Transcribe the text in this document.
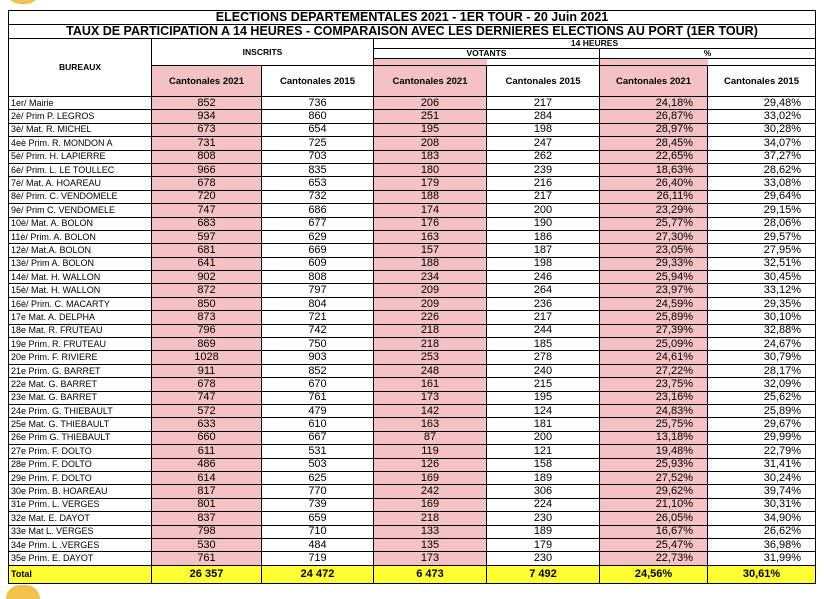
ELECTIONS DEPARTEMENTALES 2021 - 1ER TOUR - 20 Juin 2021						
TAUX DE PARTICIPATION A 14 HEURES - COMPARAISON AVEC LES DERNIERES ELECTIONS AU PORT (1ER TOUR)						
BUREAUX	INSCRITS		14 HEURES			
			VOTANTS		%	

	Cantonales 2021	Cantonales 2015	Cantonales 2021	Cantonales 2015	Cantonales 2021	Cantonales 2015
1er/ Mairie	852	736	206	217	24,18%	29,48%
2è/ Prim P. LEGROS	934	860	251	284	26,87%	33,02%
3è/ Mat. R. MICHEL	673	654	195	198	28,97%	30,28%
4eè Prim. R. MONDON A	731	725	208	247	28,45%	34,07%
5è/ Prim. H. LAPIERRE	808	703	183	262	22,65%	37,27%
6è/ Prim. L. LE TOULLEC	966	835	180	239	18,63%	28,62%
7è/ Mat. A. HOAREAU	678	653	179	216	26,40%	33,08%
8è/ Prim. C. VENDOMELE	720	732	188	217	26,11%	29,64%
9è/ Prim C. VENDOMELE	747	686	174	200	23,29%	29,15%
10è/ Mat. A. BOLON	683	677	176	190	25,77%	28,06%
11è/ Prim. A. BOLON	597	629	163	186	27,30%	29,57%
12è/ Mat.A. BOLON	681	669	157	187	23,05%	27,95%
13è/ Prim A. BOLON	641	609	188	198	29,33%	32,51%
14è/ Mat. H. WALLON	902	808	234	246	25,94%	30,45%
15è/ Mat. H. WALLON	872	797	209	264	23,97%	33,12%
16è/ Prim. C. MACARTY	850	804	209	236	24,59%	29,35%
17e Mat. A. DELPHA	873	721	226	217	25,89%	30,10%
18e Mat. R. FRUTEAU	796	742	218	244	27,39%	32,88%
19e Prim. R. FRUTEAU	869	750	218	185	25,09%	24,67%
20e Prim. F. RIVIERE	1028	903	253	278	24,61%	30,79%
21e Prim. G. BARRET	911	852	248	240	27,22%	28,17%
22e Mat. G. BARRET	678	670	161	215	23,75%	32,09%
23e Mat. G. BARRET	747	761	173	195	23,16%	25,62%
24e Prim. G. THIEBAULT	572	479	142	124	24,83%	25,89%
25e Mat. G. THIEBAULT	633	610	163	181	25,75%	29,67%
26e Prim G. THIEBAULT	660	667	87	200	13,18%	29,99%
27e Prim. F. DOLTO	611	531	119	121	19,48%	22,79%
28e Prim. F. DOLTO	486	503	126	158	25,93%	31,41%
29e Prim. F. DOLTO	614	625	169	189	27,52%	30,24%
30e Prim. B. HOAREAU	817	770	242	306	29,62%	39,74%
31e Prim. L. VERGES	801	739	169	224	21,10%	30,31%
32e Mat. E. DAYOT	837	659	218	230	26,05%	34,90%
33e Mat L. VERGES	798	710	133	189	16,67%	26,62%
34e Prim. L .VERGES	530	484	135	179	25,47%	36,98%
35e Prim. E. DAYOT	761	719	173	230	22,73%	31,99%
Total	26 357	24 472	6 473	7 492	24,56%	30,61%
